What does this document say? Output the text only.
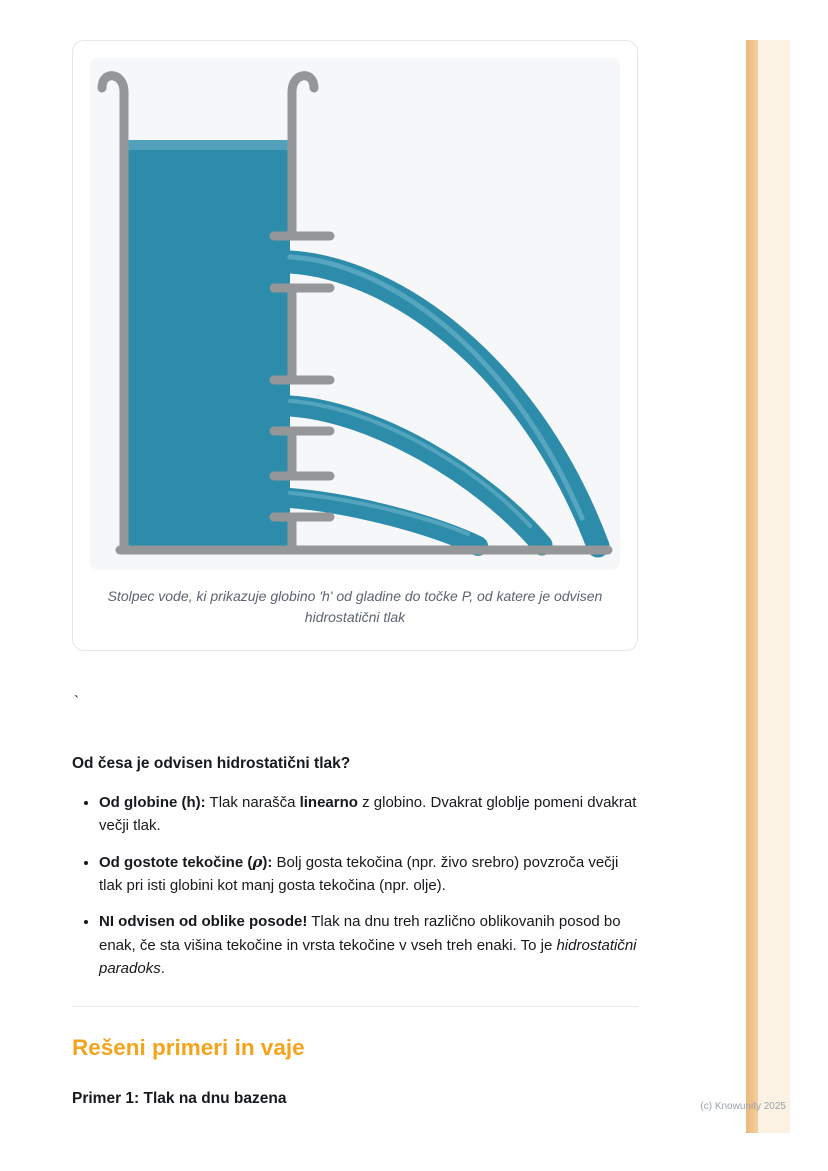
Stolpec vode, ki prikazuje globino 'h' od gladine do točke P, od katere je odvisen hidrostatični tlak

`

Od česa je odvisen hidrostatični tlak?
• Od globine (h): Tlak narašča linearno z globino. Dvakrat globlje pomeni dvakrat večji tlak.
• Od gostote tekočine (ρ): Bolj gosta tekočina (npr. živo srebro) povzroča večji tlak pri isti globini kot manj gosta tekočina (npr. olje).
• NI odvisen od oblike posode! Tlak na dnu treh različno oblikovanih posod bo enak, če sta višina tekočine in vrsta tekočine v vseh treh enaki. To je hidrostatični paradoks.
Rešeni primeri in vaje

Primer 1: Tlak na dnu bazena	(c) Knowunity 2025
